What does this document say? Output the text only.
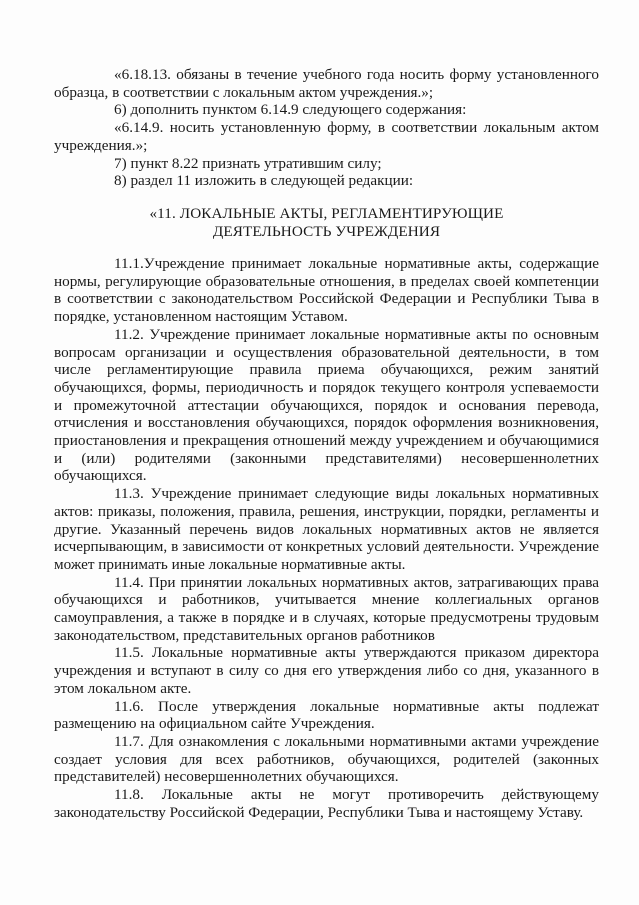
«6.18.13. обязаны в течение учебного года носить форму установленного образца, в соответствии с локальным актом учреждения.»;

6) дополнить пунктом 6.14.9 следующего содержания:

«6.14.9. носить установленную форму, в соответствии локальным актом учреждения.»;

7) пункт 8.22 признать утратившим силу;

8) раздел 11 изложить в следующей редакции:

«11. ЛОКАЛЬНЫЕ АКТЫ, РЕГЛАМЕНТИРУЮЩИЕ
ДЕЯТЕЛЬНОСТЬ УЧРЕЖДЕНИЯ

11.1.Учреждение принимает локальные нормативные акты, содержащие нормы, регулирующие образовательные отношения, в пределах своей компетенции в соответствии с законодательством Российской Федерации и Республики Тыва в порядке, установленном настоящим Уставом.

11.2. Учреждение принимает локальные нормативные акты по основным вопросам организации и осуществления образовательной деятельности, в том числе регламентирующие правила приема обучающихся, режим занятий обучающихся, формы, периодичность и порядок текущего контроля успеваемости и промежуточной аттестации обучающихся, порядок и основания перевода, отчисления и восстановления обучающихся, порядок оформления возникновения, приостановления и прекращения отношений между учреждением и обучающимися и (или) родителями (законными представителями) несовершеннолетних обучающихся.

11.3. Учреждение принимает следующие виды локальных нормативных актов: приказы, положения, правила, решения, инструкции, порядки, регламенты и другие. Указанный перечень видов локальных нормативных актов не является исчерпывающим, в зависимости от конкретных условий деятельности. Учреждение может принимать иные локальные нормативные акты.

11.4. При принятии локальных нормативных актов, затрагивающих права обучающихся и работников, учитывается мнение коллегиальных органов самоуправления, а также в порядке и в случаях, которые предусмотрены трудовым законодательством, представительных органов работников

11.5. Локальные нормативные акты утверждаются приказом директора учреждения и вступают в силу со дня его утверждения либо со дня, указанного в этом локальном акте.

11.6. После утверждения локальные нормативные акты подлежат размещению на официальном сайте Учреждения.

11.7. Для ознакомления с локальными нормативными актами учреждение создает условия для всех работников, обучающихся, родителей (законных представителей) несовершеннолетних обучающихся.

11.8. Локальные акты не могут противоречить действующему законодательству Российской Федерации, Республики Тыва и настоящему Уставу.
